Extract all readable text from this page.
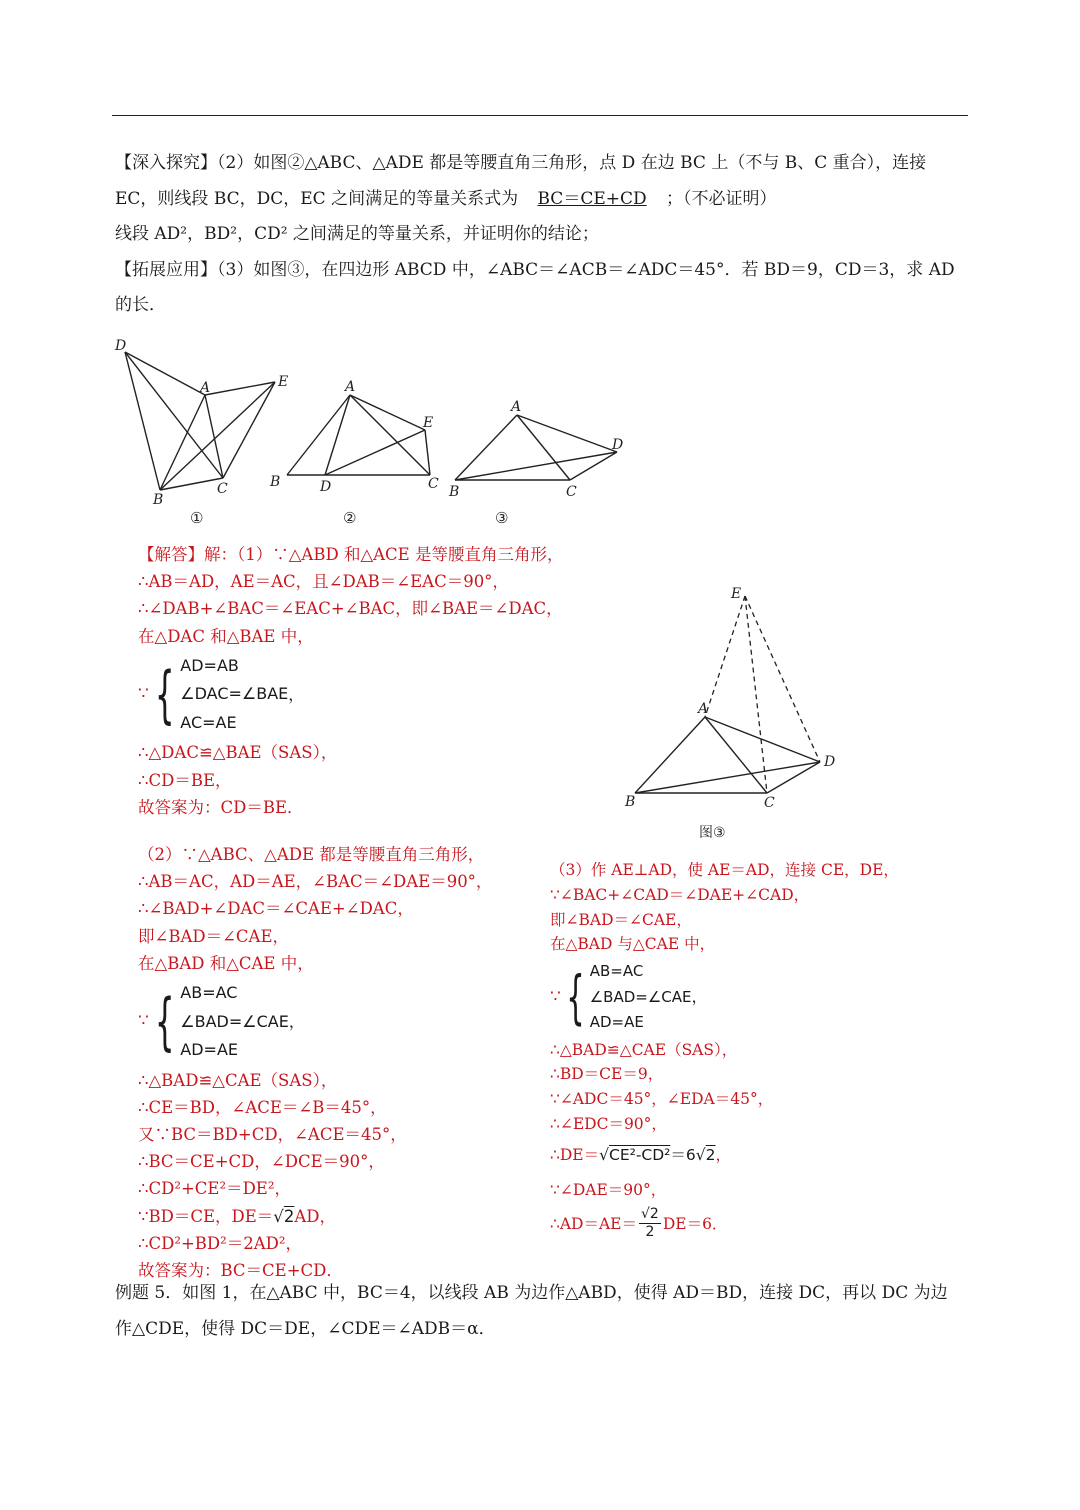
【深入探究】（2）如图②△ABC、△ADE 都是等腰直角三角形，点 D 在边 BC 上（不与 B、C 重合），连接
EC，则线段 BC，DC，EC 之间满足的等量关系式为 BC＝CE+CD ；（不必证明）
线段 AD²，BD²，CD² 之间满足的等量关系，并证明你的结论；
【拓展应用】（3）如图③，在四边形 ABCD 中，∠ABC＝∠ACB＝∠ADC＝45°．若 BD＝9，CD＝3，求 AD
的长．
D
A	E
B
C
①
A
E
B	D	C
②
A
D
B	C
③
E
A
D
B	C
图③
【解答】解：（1）∵△ABD 和△ACE 是等腰直角三角形，
∴AB＝AD，AE＝AC，且∠DAB＝∠EAC＝90°，
∴∠DAB+∠BAC＝∠EAC+∠BAC，即∠BAE＝∠DAC，
在△DAC 和△BAE 中，
∵ { AD=AB
∠DAC=∠BAE
AC=AE
，
∴△DAC≌△BAE（SAS），
∴CD＝BE，
故答案为：CD＝BE．
（2）∵△ABC、△ADE 都是等腰直角三角形，
∴AB＝AC，AD＝AE，∠BAC＝∠DAE＝90°，
∴∠BAD+∠DAC＝∠CAE+∠DAC，
即∠BAD＝∠CAE，
在△BAD 和△CAE 中，
∵ { AB=AC
∠BAD=∠CAE
AD=AE
，
∴△BAD≌△CAE（SAS），
∴CE＝BD，∠ACE＝∠B＝45°，
又∵BC＝BD+CD，∠ACE＝45°，
∴BC＝CE+CD，∠DCE＝90°，
∴CD²+CE²＝DE²，
∵BD＝CE，DE＝√2AD，
∴CD²+BD²＝2AD²，
故答案为：BC＝CE+CD．
（3）作 AE⊥AD，使 AE＝AD，连接 CE，DE，
∵∠BAC+∠CAD＝∠DAE+∠CAD，
即∠BAD＝∠CAE，
在△BAD 与△CAE 中，
∵ { AB=AC
∠BAD=∠CAE
AD=AE
，
∴△BAD≌△CAE（SAS），
∴BD＝CE＝9，
∵∠ADC＝45°，∠EDA＝45°，
∴∠EDC＝90°，
∴DE＝√CE²-CD²＝6√2，
∵∠DAE＝90°，
∴AD＝AE＝
√2
2 DE＝6．
例题 5．如图 1，在△ABC 中，BC＝4，以线段 AB 为边作△ABD，使得 AD＝BD，连接 DC，再以 DC 为边
作△CDE，使得 DC＝DE，∠CDE＝∠ADB＝α．
